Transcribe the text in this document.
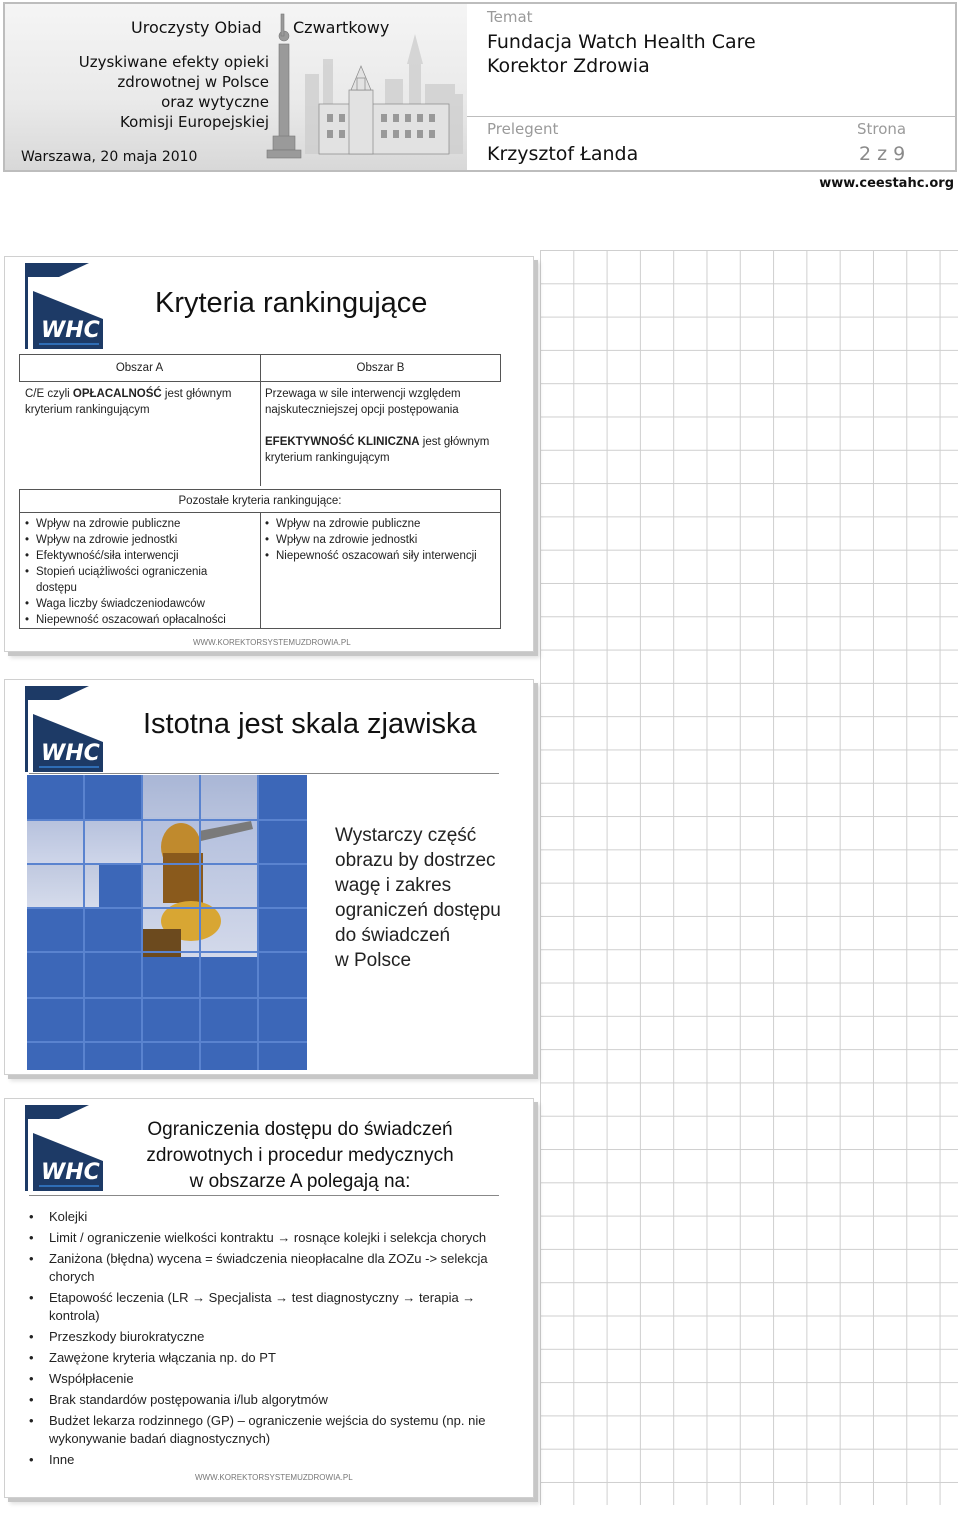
Uroczysty Obiad Czwartkowy
Uzyskiwane efekty opieki
zdrowotnej w Polsce
oraz wytyczne
Komisji Europejskiej
Warszawa, 20 maja 2010
Temat
Fundacja Watch Health Care
Korektor Zdrowia
Prelegent
Krzysztof Łanda
Strona
2 z 9
www.ceestahc.org
WHC
Kryteria rankingujące
Obszar A	Obszar B
C/E czyli OPŁACALNOŚĆ jest głównym kryterium rankingującym
Przewaga w sile interwencji względem najskuteczniejszej opcji postępowania
EFEKTYWNOŚĆ KLINICZNA jest głównym kryterium rankingującym
Pozostałe kryteria rankingujące:
• Wpływ na zdrowie publiczne
• Wpływ na zdrowie jednostki
• Efektywność/siła interwencji
• Stopień uciążliwości ograniczenia dostępu
• Waga liczby świadczeniodawców
• Niepewność oszacowań opłacalności
• Wpływ na zdrowie publiczne
• Wpływ na zdrowie jednostki
• Niepewność oszacowań siły interwencji
WWW.KOREKTORSYSTEMUZDROWIA.PL
WHC
Istotna jest skala zjawiska
Wystarczy część
obrazu by dostrzec
wagę i zakres
ograniczeń dostępu
do świadczeń
w Polsce
WHC
Ograniczenia dostępu do świadczeń
zdrowotnych i procedur medycznych
w obszarze A polegają na:
• Kolejki
• Limit / ograniczenie wielkości kontraktu → rosnące kolejki i selekcja chorych
• Zaniżona (błędna) wycena = świadczenia nieopłacalne dla ZOZu -> selekcja chorych
• Etapowość leczenia (LR → Specjalista → test diagnostyczny → terapia → kontrola)
• Przeszkody biurokratyczne
• Zawężone kryteria włączania np. do PT
• Współpłacenie
• Brak standardów postępowania i/lub algorytmów
• Budżet lekarza rodzinnego (GP) – ograniczenie wejścia do systemu (np. nie wykonywanie badań diagnostycznych)
• Inne
WWW.KOREKTORSYSTEMUZDROWIA.PL
